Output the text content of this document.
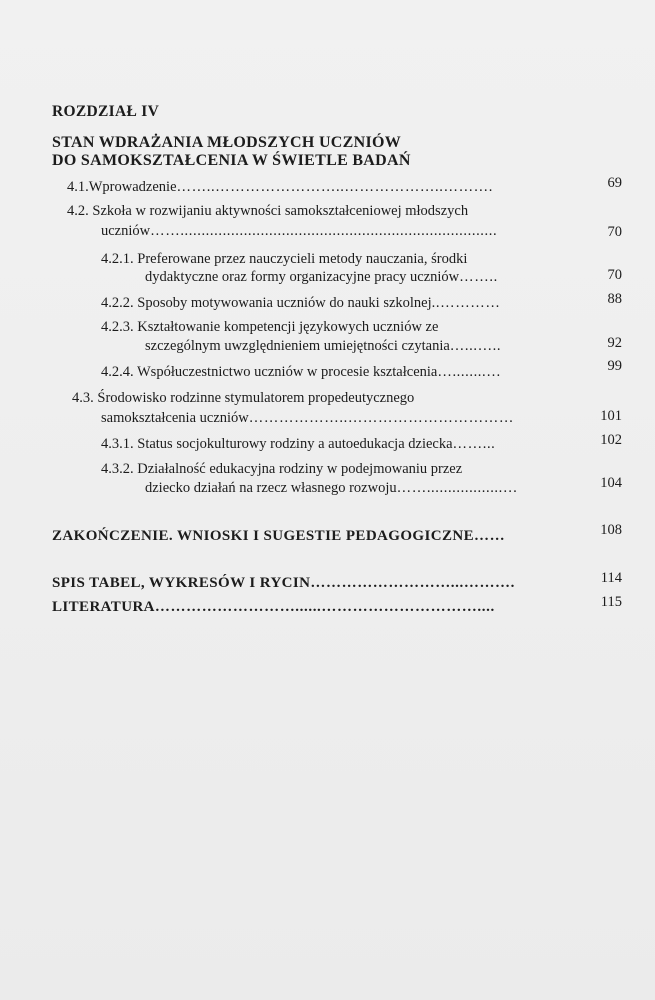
ROZDZIAŁ IV
STAN WDRAŻANIA MŁODSZYCH UCZNIÓW
DO SAMOKSZTAŁCENIA W ŚWIETLE BADAŃ
4.1.Wprowadzenie……..……………………..………………..……….	69
4.2. Szkoła w rozwijaniu aktywności samokształceniowej młodszych
uczniów……...........................................................................	70
4.2.1. Preferowane przez nauczycieli metody nauczania, środki
dydaktyczne oraz formy organizacyjne pracy uczniów……..	70
4.2.2. Sposoby motywowania uczniów do nauki szkolnej..…………	88
4.2.3. Kształtowanie kompetencji językowych uczniów ze
szczególnym uwzględnieniem umiejętności czytania…...…..	92
4.2.4. Współuczestnictwo uczniów w procesie kształcenia…........…	99
4.3. Środowisko rodzinne stymulatorem propedeutycznego
samokształcenia uczniów………………..……………………………	101
4.3.1. Status socjokulturowy rodziny a autoedukacja dziecka……...	102
4.3.2. Działalność edukacyjna rodziny w podejmowaniu przez
dziecko działań na rzecz własnego rozwoju……..................…	104
ZAKOŃCZENIE. WNIOSKI I SUGESTIE PEDAGOGICZNE……	108
SPIS TABEL, WYKRESÓW I RYCIN………………………...……….	114
LITERATURA………………………......…………………………....	115
